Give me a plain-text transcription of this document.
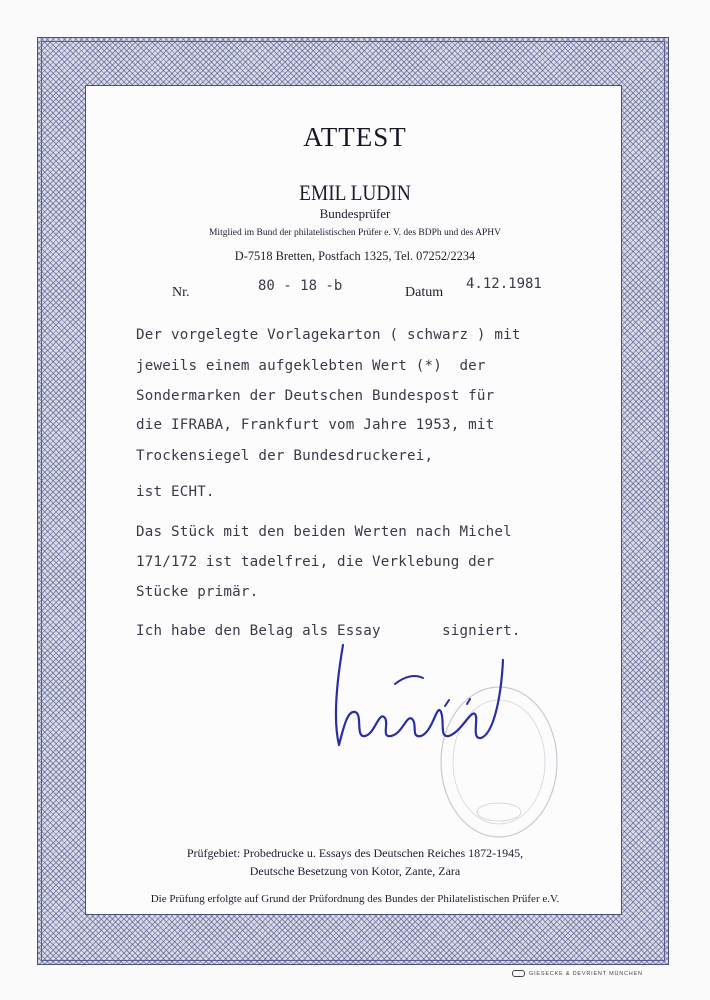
ATTEST
EMIL LUDIN
Bundesprüfer
Mitglied im Bund der philatelistischen Prüfer e. V. des BDPh und des APHV
D-7518 Bretten, Postfach 1325, Tel. 07252/2234
Nr.	80 - 18 -b	Datum
4.12.1981
Der vorgelegte Vorlagekarton ( schwarz ) mit
jeweils einem aufgeklebten Wert (*)  der
Sondermarken der Deutschen Bundespost für
die IFRABA, Frankfurt vom Jahre 1953, mit
Trockensiegel der Bundesdruckerei,
ist ECHT.
Das Stück mit den beiden Werten nach Michel
171/172 ist tadelfrei, die Verklebung der
Stücke primär.
Ich habe den Belag als Essay       signiert.
Prüfgebiet: Probedrucke u. Essays des Deutschen Reiches 1872-1945,
Deutsche Besetzung von Kotor, Zante, Zara
Die Prüfung erfolgte auf Grund der Prüfordnung des Bundes der Philatelistischen Prüfer e.V.
GIESECKE & DEVRIENT MÜNCHEN
